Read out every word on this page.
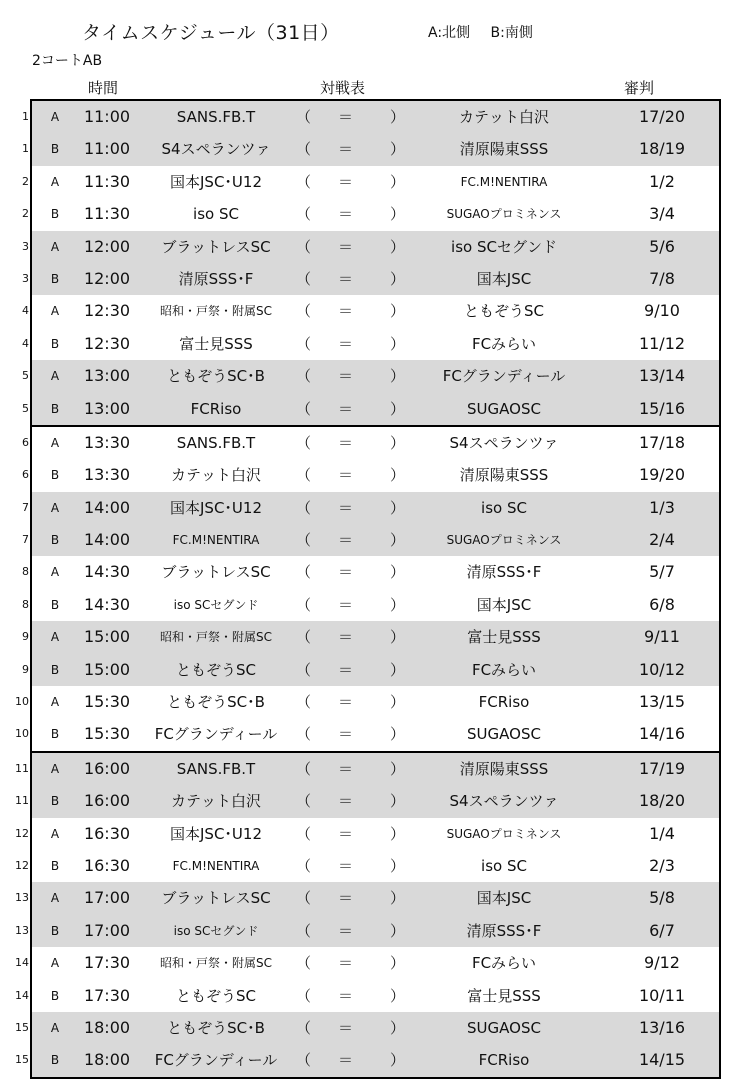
タイムスケジュール（31日）	A:北側 B:南側
2コートAB
時間	対戦表	審判
A	11:00	SANS.FB.T	（ ＝ ）	カテット白沢	17/20
1
B	11:00	S4スペランツァ	（ ＝ ）	清原陽東SSS	18/19
1
A	11:30	国本JSC･U12	（ ＝ ）	FC.M!NENTIRA	1/2
2
B	11:30	iso SC	（ ＝ ）	SUGAOプロミネンス	3/4
2
A	12:00	ブラットレスSC	（ ＝ ）	iso SCセグンド	5/6
3
B	12:00	清原SSS･F	（ ＝ ）	国本JSC	7/8
3
A	12:30	昭和・戸祭・附属SC	（ ＝ ）	ともぞうSC	9/10
4
B	12:30	富士見SSS	（ ＝ ）	FCみらい	11/12
4
A	13:00	ともぞうSC･B	（ ＝ ）	FCグランディール	13/14
5
B	13:00	FCRiso	（ ＝ ）	SUGAOSC	15/16
5
A	13:30	SANS.FB.T	（ ＝ ）	S4スペランツァ	17/18
6
B	13:30	カテット白沢	（ ＝ ）	清原陽東SSS	19/20
6
A	14:00	国本JSC･U12	（ ＝ ）	iso SC	1/3
7
B	14:00	FC.M!NENTIRA	（ ＝ ）	SUGAOプロミネンス	2/4
7
A	14:30	ブラットレスSC	（ ＝ ）	清原SSS･F	5/7
8
B	14:30	iso SCセグンド	（ ＝ ）	国本JSC	6/8
8
A	15:00	昭和・戸祭・附属SC	（ ＝ ）	富士見SSS	9/11
9
B	15:00	ともぞうSC	（ ＝ ）	FCみらい	10/12
9
A	15:30	ともぞうSC･B	（ ＝ ）	FCRiso	13/15
10
B	15:30	FCグランディール	（ ＝ ）	SUGAOSC	14/16
10
A	16:00	SANS.FB.T	（ ＝ ）	清原陽東SSS	17/19
11
B	16:00	カテット白沢	（ ＝ ）	S4スペランツァ	18/20
11
A	16:30	国本JSC･U12	（ ＝ ）	SUGAOプロミネンス	1/4
12
B	16:30	FC.M!NENTIRA	（ ＝ ）	iso SC	2/3
12
A	17:00	ブラットレスSC	（ ＝ ）	国本JSC	5/8
13
B	17:00	iso SCセグンド	（ ＝ ）	清原SSS･F	6/7
13
A	17:30	昭和・戸祭・附属SC	（ ＝ ）	FCみらい	9/12
14
B	17:30	ともぞうSC	（ ＝ ）	富士見SSS	10/11
14
A	18:00	ともぞうSC･B	（ ＝ ）	SUGAOSC	13/16
15
B	18:00	FCグランディール	（ ＝ ）	FCRiso	14/15
15
